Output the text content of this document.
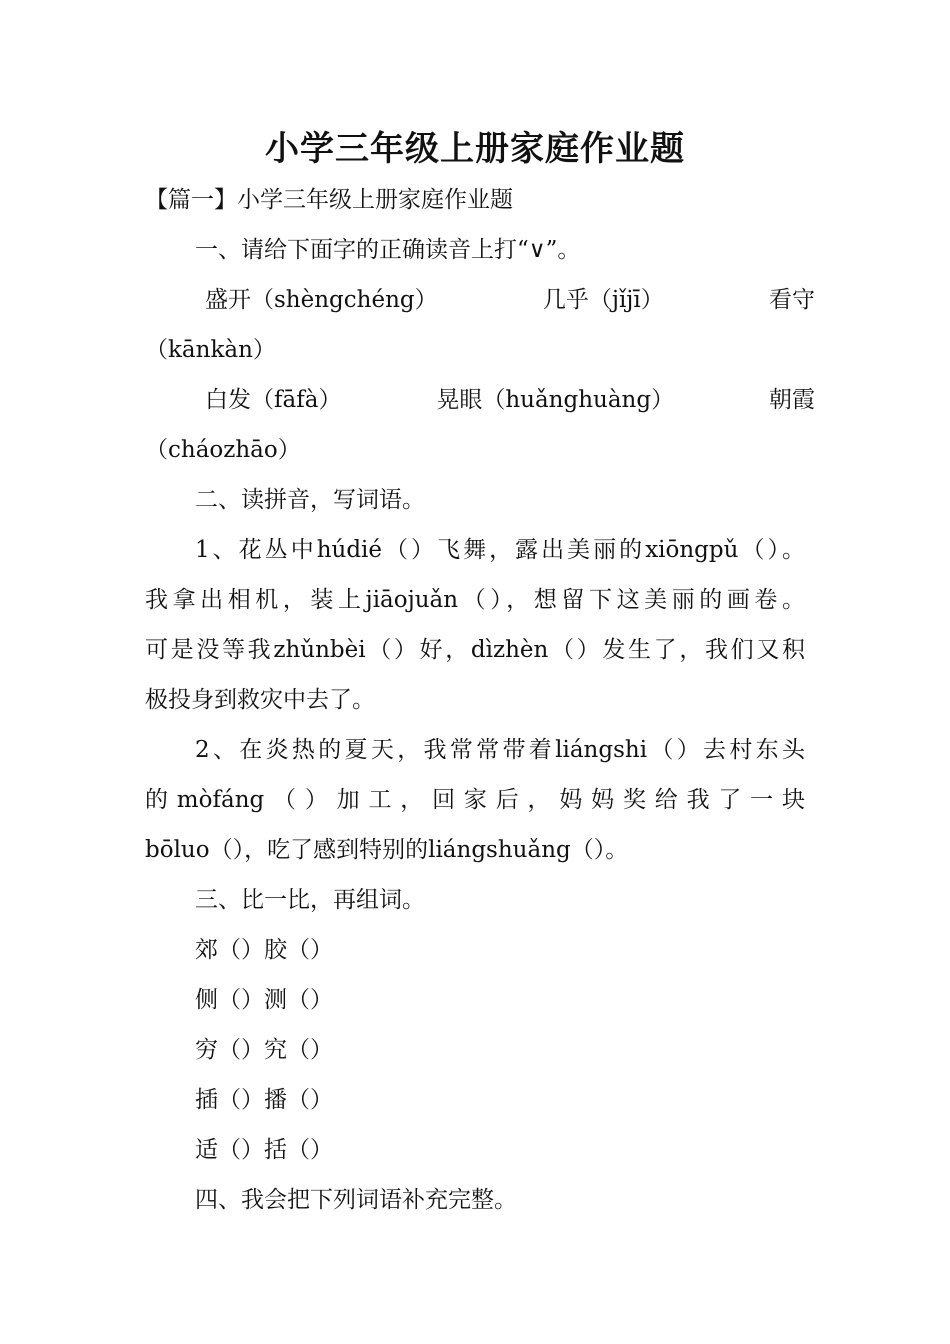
小学三年级上册家庭作业题
【篇一】小学三年级上册家庭作业题
一、请给下面字的正确读音上打“∨”。
盛开（shèngchéng）	几乎（jǐjī）	看守
（kānkàn）
白发（fāfà）	晃眼（huǎnghuàng）	朝霞
（cháozhāo）
二、读拼音，写词语。
1、花丛中húdié（）飞舞，露出美丽的xiōngpǔ（）。
我拿出相机，装上jiāojuǎn（），想留下这美丽的画卷。
可是没等我zhǔnbèi（）好，dìzhèn（）发生了，我们又积
极投身到救灾中去了。
2、在炎热的夏天，我常常带着liángshi（）去村东头
的mòfáng（）加工，回家后，妈妈奖给我了一块
bōluo（），吃了感到特别的liángshuǎng（）。
三、比一比，再组词。
郊（）胶（）
侧（）测（）
穷（）究（）
插（）播（）
适（）括（）
四、我会把下列词语补充完整。
